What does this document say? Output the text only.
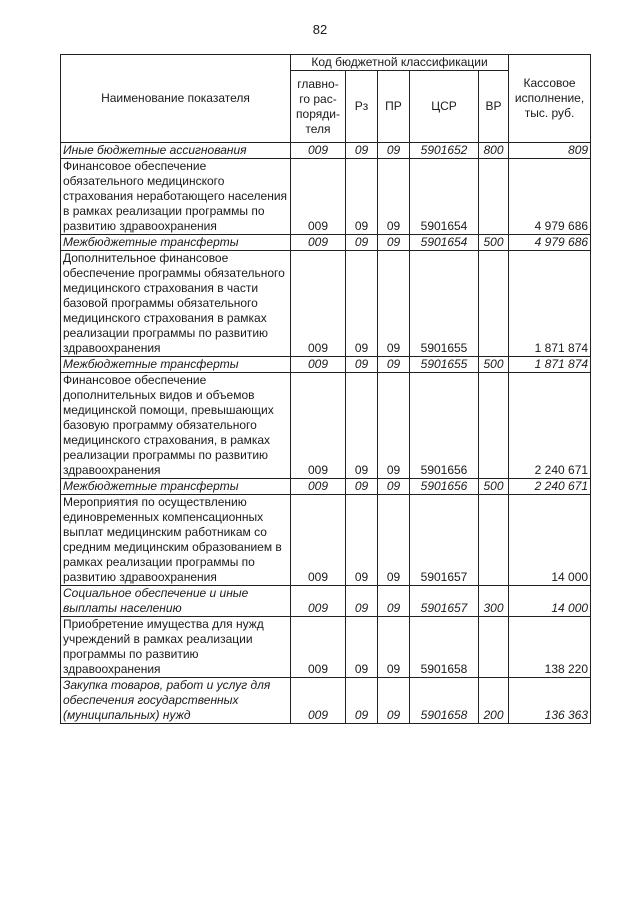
82
Наименование показателя	Код бюджетной классификации					Кассовое исполнение, тыс. руб.
	главно-го рас-поряди-теля	Рз	ПР	ЦСР	ВР	
Иные бюджетные ассигнования	009	09	09	5901652	800	809
Финансовое обеспечение обязательного медицинского страхования неработающего населения в рамках реализации программы по развитию здравоохранения	009	09	09	5901654		4 979 686
Межбюджетные трансферты	009	09	09	5901654	500	4 979 686
Дополнительное финансовое обеспечение программы обязательного медицинского страхования в части базовой программы обязательного медицинского страхования в рамках реализации программы по развитию здравоохранения	009	09	09	5901655		1 871 874
Межбюджетные трансферты	009	09	09	5901655	500	1 871 874
Финансовое обеспечение дополнительных видов и объемов медицинской помощи, превышающих базовую программу обязательного медицинского страхования, в рамках реализации программы по развитию здравоохранения	009	09	09	5901656		2 240 671
Межбюджетные трансферты	009	09	09	5901656	500	2 240 671
Мероприятия по осуществлению единовременных компенсационных выплат медицинским работникам со средним медицинским образованием в рамках реализации программы по развитию здравоохранения	009	09	09	5901657		14 000
Социальное обеспечение и иные выплаты населению	009	09	09	5901657	300	14 000
Приобретение имущества для нужд учреждений в рамках реализации программы по развитию здравоохранения	009	09	09	5901658		138 220
Закупка товаров, работ и услуг для обеспечения государственных (муниципальных) нужд	009	09	09	5901658	200	136 363
